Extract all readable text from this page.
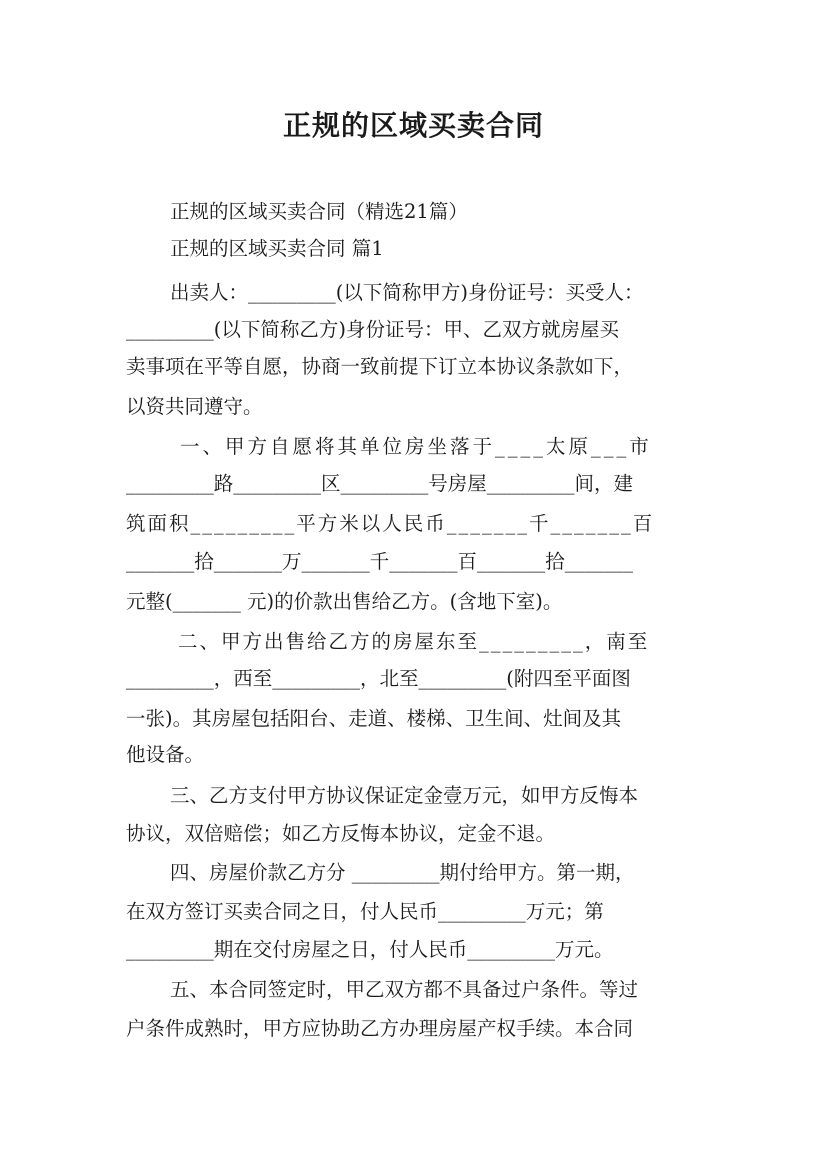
正规的区域买卖合同
正规的区域买卖合同（精选21篇）
正规的区域买卖合同 篇1
出卖人：_________(以下简称甲方)身份证号：买受人：
_________(以下简称乙方)身份证号：甲、乙双方就房屋买
卖事项在平等自愿，协商一致前提下订立本协议条款如下，
以资共同遵守。
一、甲方自愿将其单位房坐落于____太原___市
_________路_________区_________号房屋_________间，建
筑面积_________平方米以人民币_______千_______百
_______拾_______万_______千_______百_______拾_______
元整(_______ 元)的价款出售给乙方。(含地下室)。
二、甲方出售给乙方的房屋东至_________，南至
_________，西至_________，北至_________(附四至平面图
一张)。其房屋包括阳台、走道、楼梯、卫生间、灶间及其
他设备。
三、乙方支付甲方协议保证定金壹万元，如甲方反悔本
协议，双倍赔偿；如乙方反悔本协议，定金不退。
四、房屋价款乙方分 _________期付给甲方。第一期，
在双方签订买卖合同之日，付人民币_________万元；第
_________期在交付房屋之日，付人民币_________万元。
五、本合同签定时，甲乙双方都不具备过户条件。等过
户条件成熟时，甲方应协助乙方办理房屋产权手续。本合同
